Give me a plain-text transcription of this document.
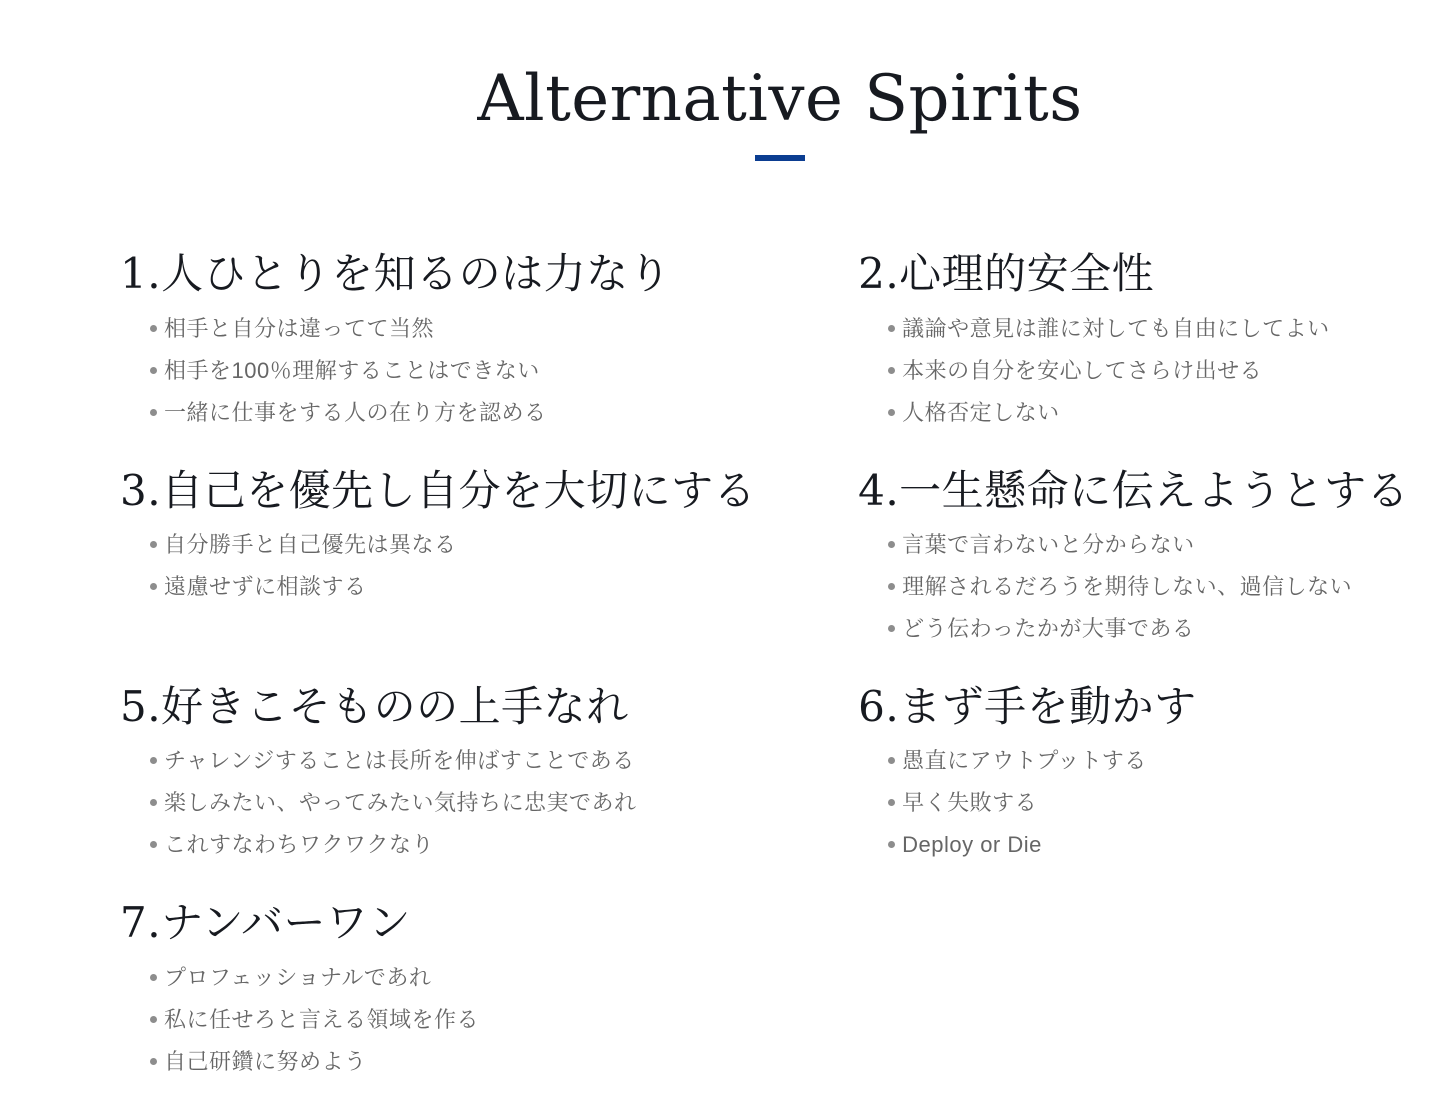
Alternative Spirits
1.人ひとりを知るのは力なり
相手と自分は違ってて当然
相手を100％理解することはできない
一緒に仕事をする人の在り方を認める
2.心理的安全性
議論や意見は誰に対しても自由にしてよい
本来の自分を安心してさらけ出せる
人格否定しない
3.自己を優先し自分を大切にする
自分勝手と自己優先は異なる
遠慮せずに相談する
4.一生懸命に伝えようとする
言葉で言わないと分からない
理解されるだろうを期待しない、過信しない
どう伝わったかが大事である
5.好きこそものの上手なれ
チャレンジすることは長所を伸ばすことである
楽しみたい、やってみたい気持ちに忠実であれ
これすなわちワクワクなり
6.まず手を動かす
愚直にアウトプットする
早く失敗する
Deploy or Die
7.ナンバーワン
プロフェッショナルであれ
私に任せろと言える領域を作る
自己研鑽に努めよう
